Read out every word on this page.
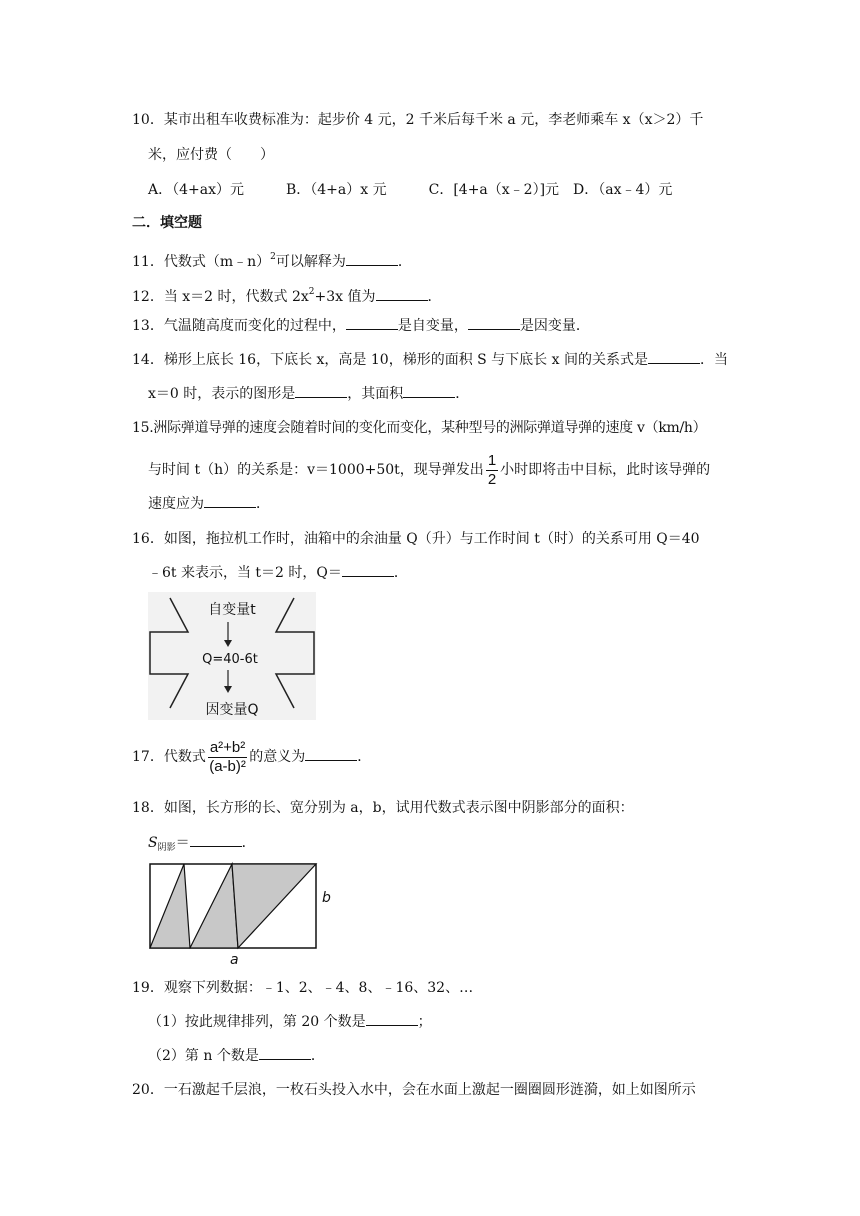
10．某市出租车收费标准为：起步价 4 元，2 千米后每千米 a 元，李老师乘车 x（x＞2）千
米，应付费（　　）
A．（4+ax）元　　　B．（4+a）x 元　　　C．[4+a（x﹣2）]元　D．（ax﹣4）元
二．填空题
11．代数式（m﹣n）$^2$可以解释为	．
12．当 x＝2 时，代数式 $2x^2+3x$ 值为	．
13．气温随高度而变化的过程中，	是自变量，	是因变量．
14．梯形上底长 16，下底长 x，高是 10，梯形的面积 S 与下底长 x 间的关系式是	．当
x＝0 时，表示的图形是	，其面积	．
15.洲际弹道导弹的速度会随着时间的变化而变化，某种型号的洲际弹道导弹的速度 v（km/h）
与时间 t（h）的关系是：v＝1000+50t，现导弹发出 $\frac{1}{2}$ 小时即将击中目标，此时该导弹的
速度应为	．
16．如图，拖拉机工作时，油箱中的余油量 Q（升）与工作时间 t（时）的关系可用 Q＝40
﹣6t 来表示，当 t＝2 时，Q＝	．
自变量t
Q=40-6t
因变量Q
17．代数式 $\frac{\text{a²+b²}}{\text{(a-b)²}}$ 的意义为	．
18．如图，长方形的长、宽分别为 a，b，试用代数式表示图中阴影部分的面积：
$S_{阴影}=$	．
b
a
19．观察下列数据：﹣1、2、﹣4、8、﹣16、32、…
（1）按此规律排列，第 20 个数是	；
（2）第 n 个数是	．
20．一石激起千层浪，一枚石头投入水中，会在水面上激起一圈圈圆形涟漪，如上如图所示
